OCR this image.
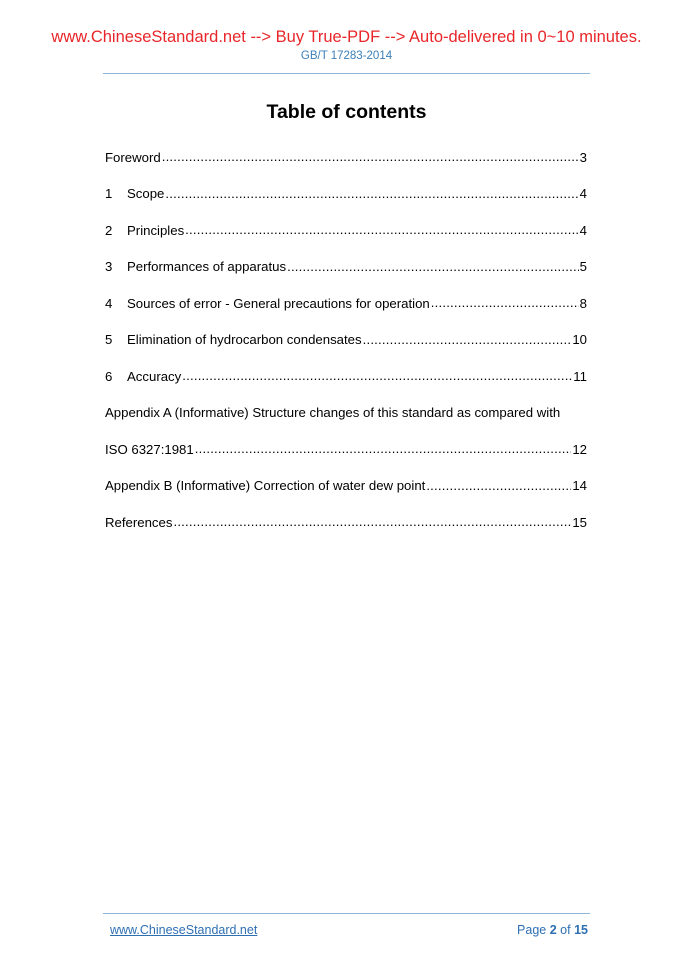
www.ChineseStandard.net --> Buy True-PDF --> Auto-delivered in 0~10 minutes.
GB/T 17283-2014
Table of contents
Foreword .....	3
1	Scope .....	4
2	Principles .....	4
3	Performances of apparatus .....	5
4	Sources of error - General precautions for operation .....	8
5	Elimination of hydrocarbon condensates .....	10
6	Accuracy .....	11
Appendix A (Informative) Structure changes of this standard as compared with
ISO 6327:1981 .....	12
Appendix B (Informative) Correction of water dew point .....	14
References .....	15
www.ChineseStandard.net	Page 2 of 15
